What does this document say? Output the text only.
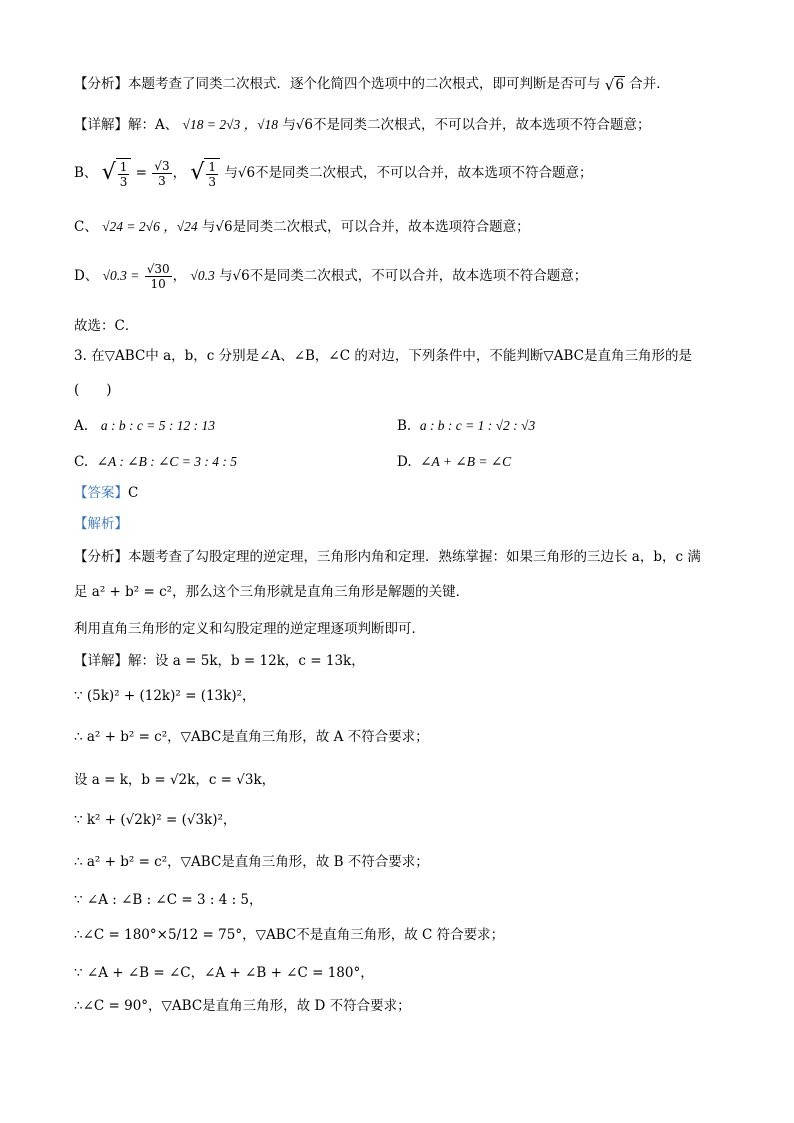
【分析】本题考查了同类二次根式．逐个化简四个选项中的二次根式，即可判断是否可与 √ 6 合并．
【详解】解：A、 √18 = 2√3 ，√18 与√6不是同类二次根式，不可以合并，故本选项不符合题意；
B、 √ $\frac{1}{3} = \frac{√3}{3}$ ， √ $\frac{1}{3}$ 与√6不是同类二次根式，不可以合并，故本选项不符合题意；
C、 √24 = 2√6 ，√24 与√6是同类二次根式，可以合并，故本选项符合题意；
D、 $√0.3 = \frac{√30}{10}$ ， √0.3 与√6不是同类二次根式，不可以合并，故本选项不符合题意；
故选：C．
3. 在▽ABC中 a，b，c 分别是∠A、∠B，∠C 的对边，下列条件中，不能判断▽ABC是直角三角形的是
(　　)
A. a : b : c = 5 : 12 : 13	B. a : b : c = 1 : √2 : √3
C. ∠A : ∠B : ∠C = 3 : 4 : 5	D. ∠A + ∠B = ∠C
【答案】C
【解析】
【分析】本题考查了勾股定理的逆定理，三角形内角和定理．熟练掌握：如果三角形的三边长 a，b，c 满
足 a² + b² = c²，那么这个三角形就是直角三角形是解题的关键．
利用直角三角形的定义和勾股定理的逆定理逐项判断即可．
【详解】解：设 a = 5k，b = 12k，c = 13k，
∵ (5k)² + (12k)² = (13k)²，
∴ a² + b² = c²，▽ABC是直角三角形，故 A 不符合要求；
设 a = k，b = √2k，c = √3k，
∵ k² + (√2k)² = (√3k)²，
∴ a² + b² = c²，▽ABC是直角三角形，故 B 不符合要求；
∵ ∠A : ∠B : ∠C = 3 : 4 : 5，
∴∠C = 180°×5/12 = 75°，▽ABC不是直角三角形，故 C 符合要求；
∵ ∠A + ∠B = ∠C，∠A + ∠B + ∠C = 180°，
∴∠C = 90°，▽ABC是直角三角形，故 D 不符合要求；
